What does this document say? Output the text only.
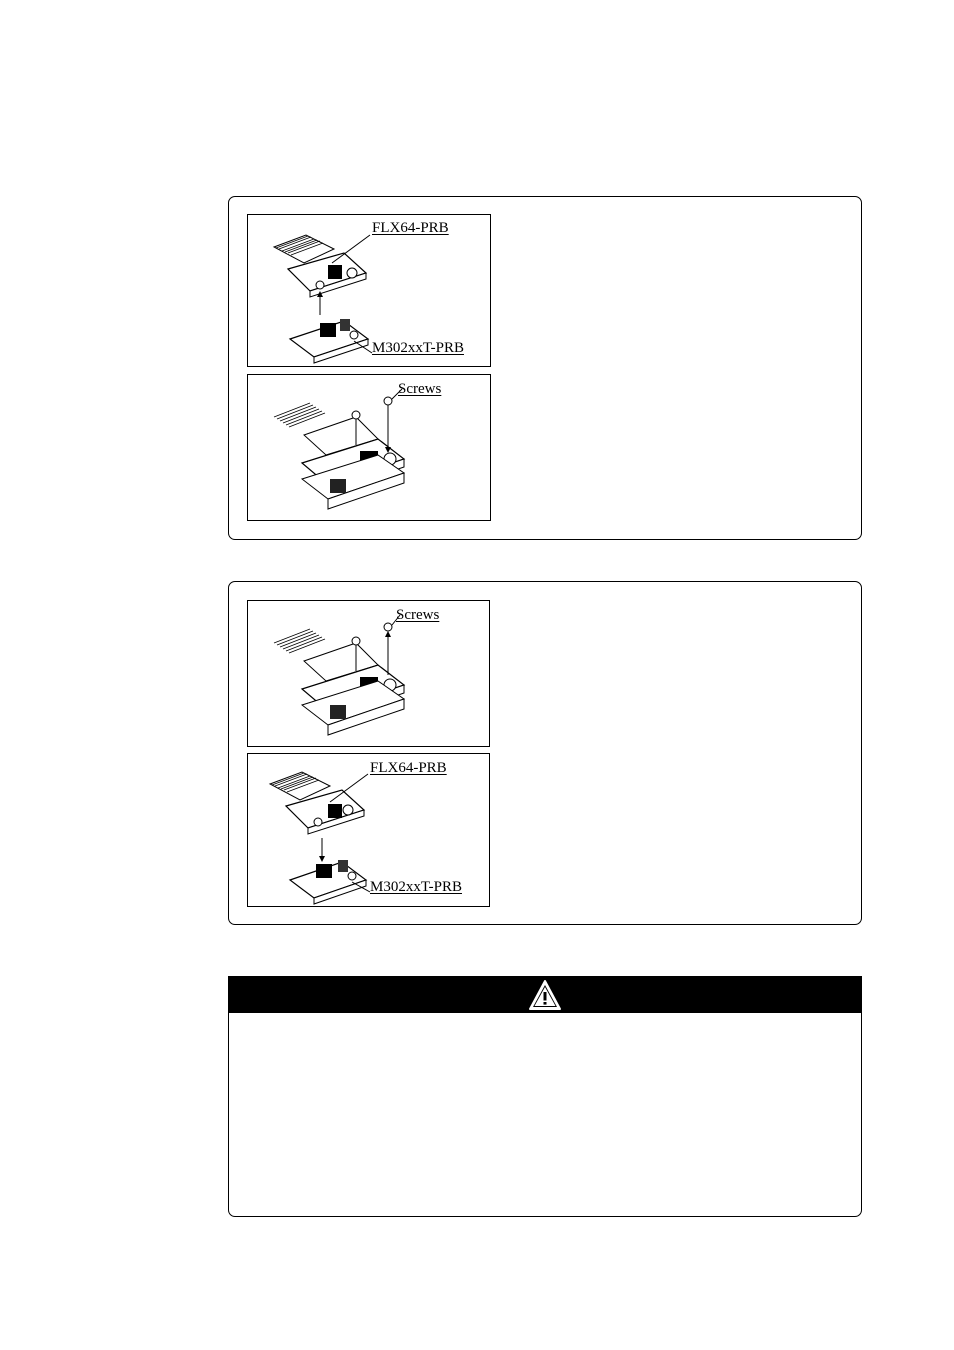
FLX64-PRB
M302xxT-PRB
Screws
Screws
FLX64-PRB
M302xxT-PRB
